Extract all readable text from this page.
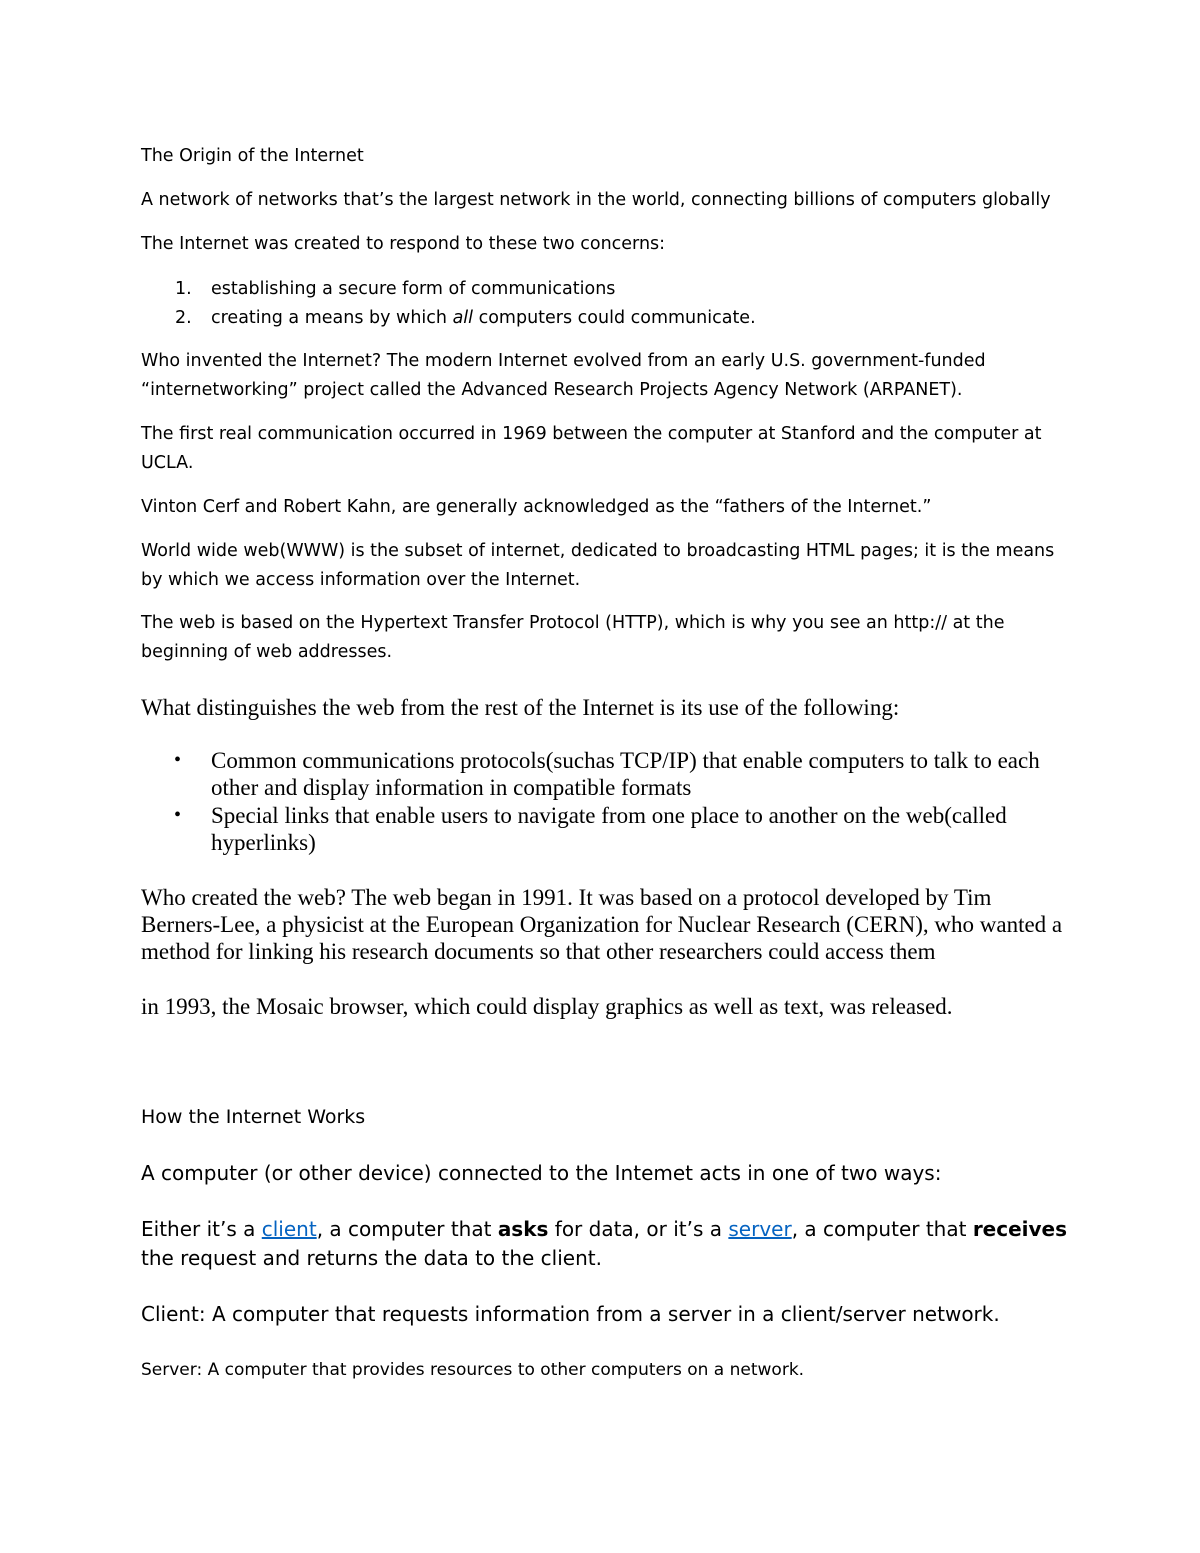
The Origin of the Internet

A network of networks that’s the largest network in the world, connecting billions of computers globally

The Internet was created to respond to these two concerns:

1. establishing a secure form of communications
2. creating a means by which all computers could communicate.

Who invented the Internet? The modern Internet evolved from an early U.S. government-funded “internetworking” project called the Advanced Research Projects Agency Network (ARPANET).

The first real communication occurred in 1969 between the computer at Stanford and the computer at UCLA.

Vinton Cerf and Robert Kahn, are generally acknowledged as the “fathers of the Internet.”

World wide web(WWW) is the subset of internet, dedicated to broadcasting HTML pages; it is the means by which we access information over the Internet.

The web is based on the Hypertext Transfer Protocol (HTTP), which is why you see an http:// at the beginning of web addresses.

What distinguishes the web from the rest of the Internet is its use of the following:

• Common communications protocols(suchas TCP/IP) that enable computers to talk to each other and display information in compatible formats
• Special links that enable users to navigate from one place to another on the web(called hyperlinks)

Who created the web? The web began in 1991. It was based on a protocol developed by Tim Berners-Lee, a physicist at the European Organization for Nuclear Research (CERN), who wanted a method for linking his research documents so that other researchers could access them

in 1993, the Mosaic browser, which could display graphics as well as text, was released.

How the Internet Works

A computer (or other device) connected to the Intemet acts in one of two ways:

Either it’s a client, a computer that asks for data, or it’s a server, a computer that receives the request and returns the data to the client.

Client: A computer that requests information from a server in a client/server network.

Server: A computer that provides resources to other computers on a network.
